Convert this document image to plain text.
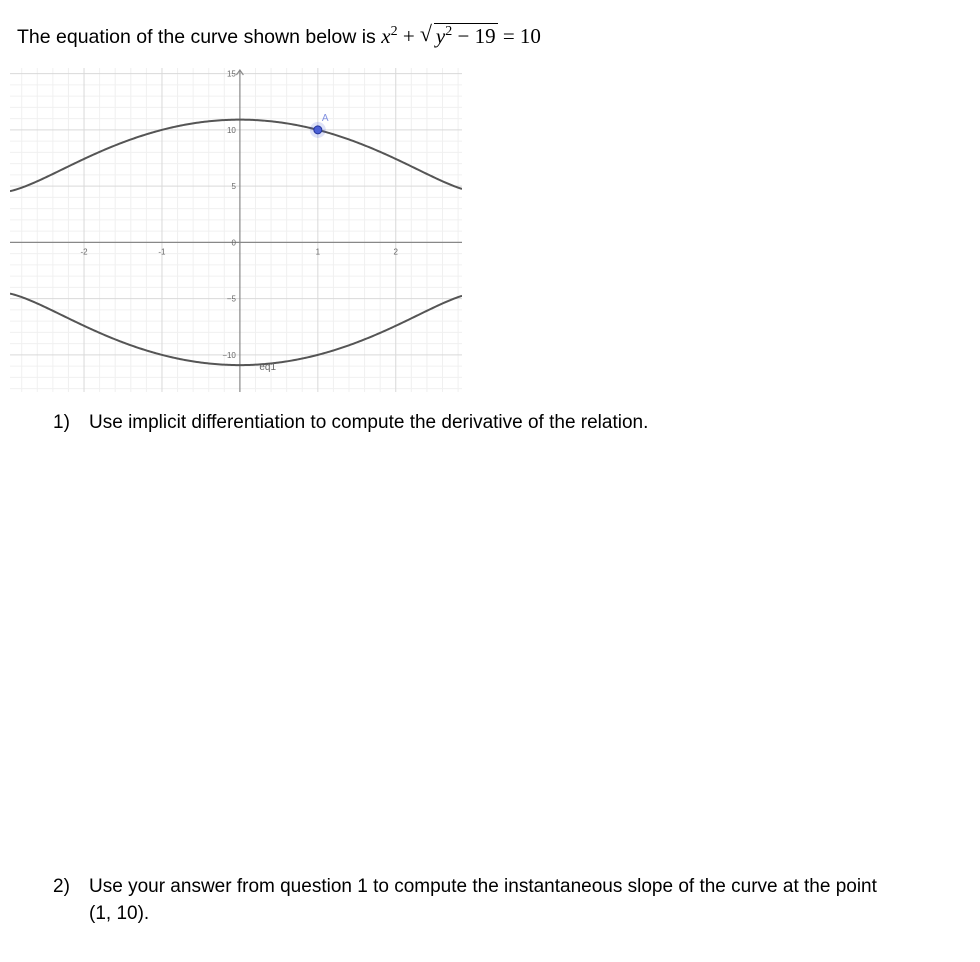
The equation of the curve shown below is $x^2$ + √ $y^2 - 19 = 10$
-2	-1	1	2
15
10
5
0
−5
−10
A
eq1
1) Use implicit differentiation to compute the derivative of the relation.
2) Use your answer from question 1 to compute the instantaneous slope of the curve at the point
(1, 10).
